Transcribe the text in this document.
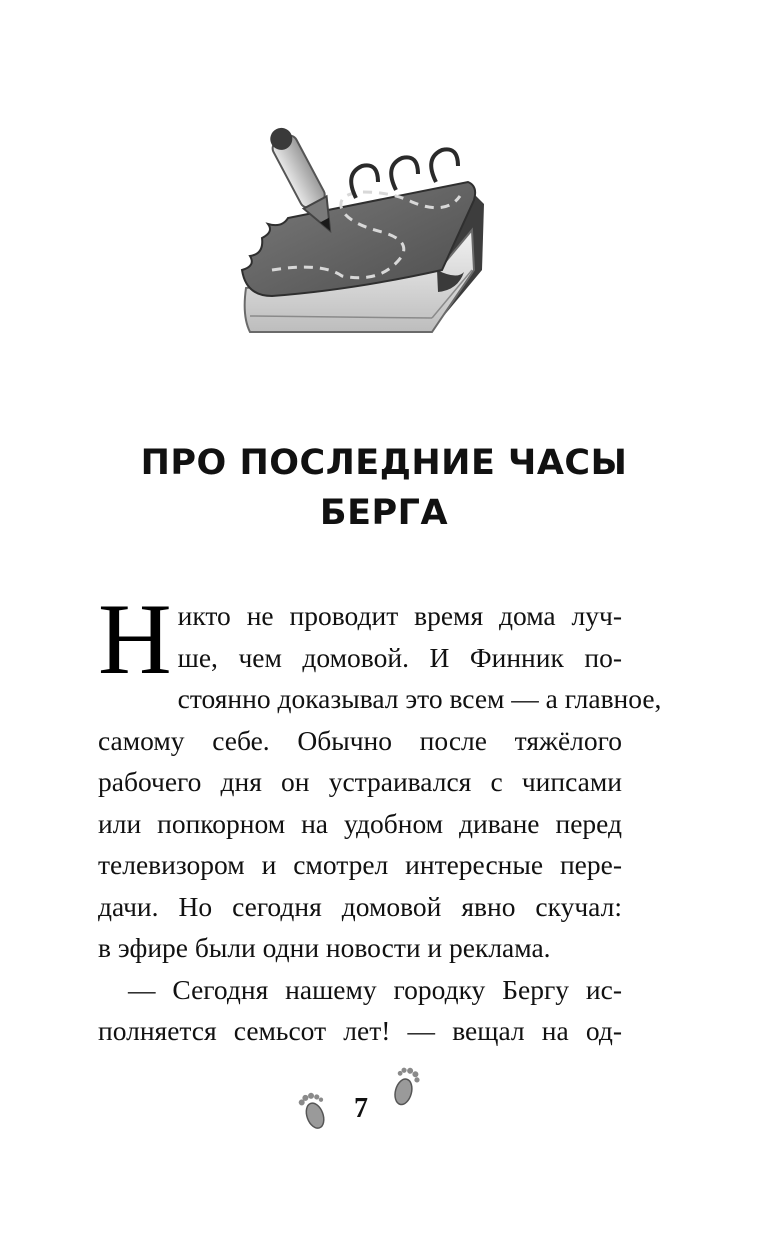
ПРО ПОСЛЕДНИЕ ЧАСЫ
БЕРГА
Н икто не проводит время дома луч-
ше, чем домовой. И Финник по-
стоянно доказывал это всем — а главное,
самому себе. Обычно после тяжёлого
рабочего дня он устраивался с чипсами
или попкорном на удобном диване перед
телевизором и смотрел интересные пере-
дачи. Но сегодня домовой явно скучал:
в эфире были одни новости и реклама.
— Сегодня нашему городку Бергу ис-
полняется семьсот лет! — вещал на од-
7
